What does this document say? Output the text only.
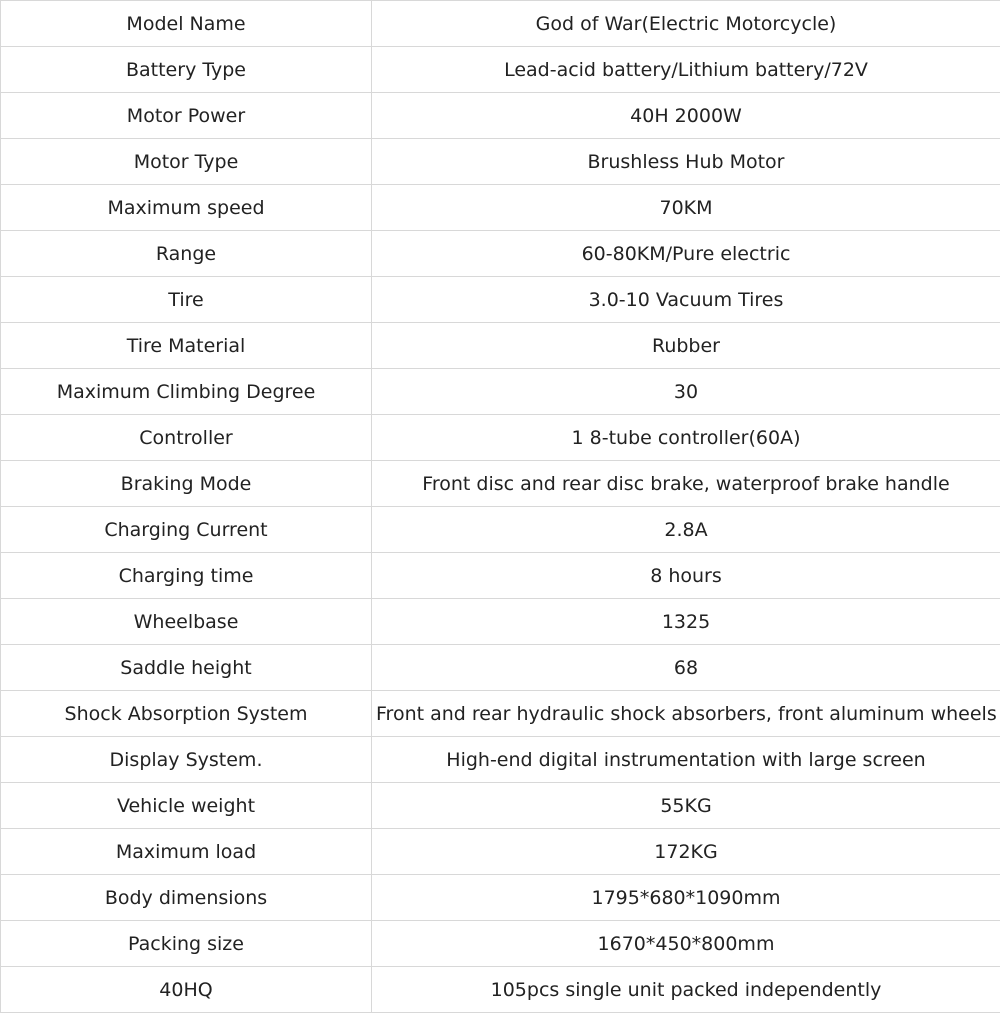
Model Name	God of War(Electric Motorcycle)
Battery Type	Lead-acid battery/Lithium battery/72V
Motor Power	40H 2000W
Motor Type	Brushless Hub Motor
Maximum speed	70KM
Range	60-80KM/Pure electric
Tire	3.0-10 Vacuum Tires
Tire Material	Rubber
Maximum Climbing Degree	30
Controller	1 8-tube controller(60A)
Braking Mode	Front disc and rear disc brake, waterproof brake handle
Charging Current	2.8A
Charging time	8 hours
Wheelbase	1325
Saddle height	68
Shock Absorption System	Front and rear hydraulic shock absorbers, front aluminum wheels
Display System.	High-end digital instrumentation with large screen
Vehicle weight	55KG
Maximum load	172KG
Body dimensions	1795*680*1090mm
Packing size	1670*450*800mm
40HQ	105pcs single unit packed independently
